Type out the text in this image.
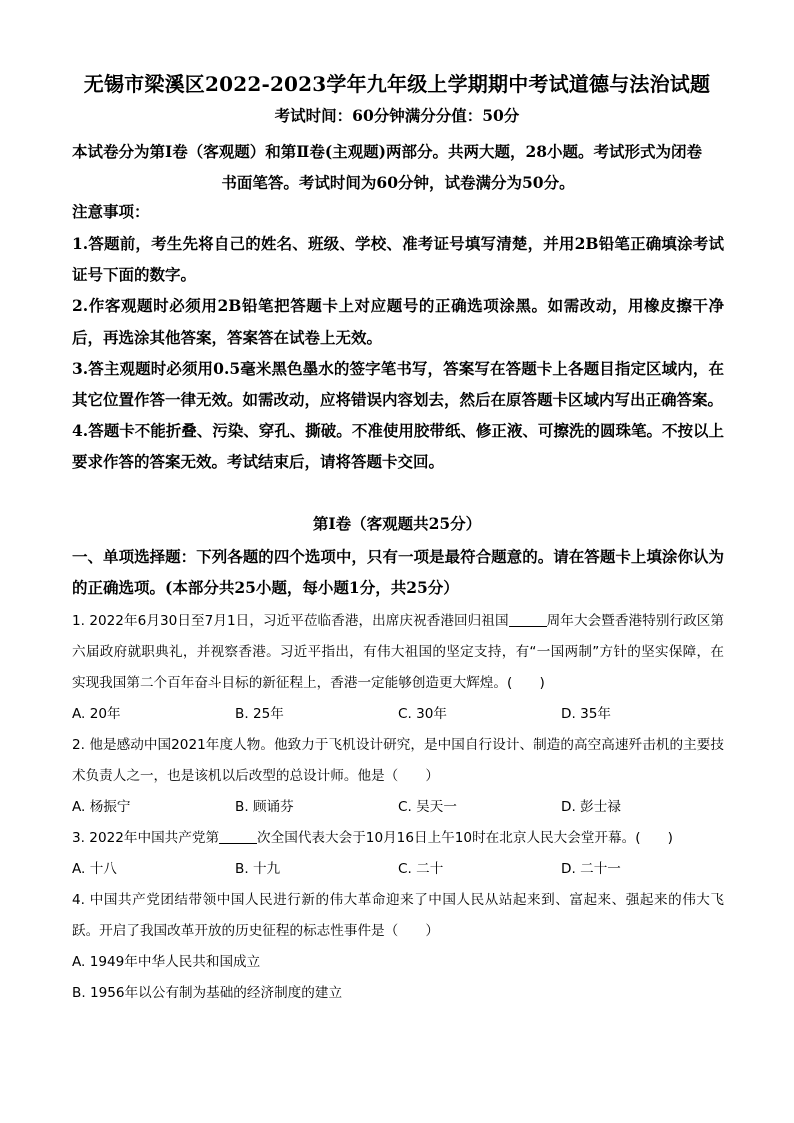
无锡市梁溪区2022-2023学年九年级上学期期中考试道德与法治试题
考试时间：60分钟满分分值：50分
本试卷分为第Ⅰ卷（客观题）和第Ⅱ卷(主观题)两部分。共两大题，28小题。考试形式为闭卷
书面笔答。考试时间为60分钟，试卷满分为50分。
注意事项：

1.答题前，考生先将自己的姓名、班级、学校、准考证号填写清楚，并用2B铅笔正确填涂考试证号下面的数字。

2.作客观题时必须用2B铅笔把答题卡上对应题号的正确选项涂黑。如需改动，用橡皮擦干净后，再选涂其他答案，答案答在试卷上无效。

3.答主观题时必须用0.5毫米黑色墨水的签字笔书写，答案写在答题卡上各题目指定区域内，在其它位置作答一律无效。如需改动，应将错误内容划去，然后在原答题卡区域内写出正确答案。

4.答题卡不能折叠、污染、穿孔、撕破。不准使用胶带纸、修正液、可擦洗的圆珠笔。不按以上要求作答的答案无效。考试结束后，请将答题卡交回。

第Ⅰ卷（客观题共25分）
一、单项选择题：下列各题的四个选项中，只有一项是最符合题意的。请在答题卡上填涂你认为的正确选项。(本部分共25小题，每小题1分，共25分）

1. 2022年6月30日至7月1日，习近平莅临香港，出席庆祝香港回归祖国	周年大会暨香港特别行政区第六届政府就职典礼，并视察香港。习近平指出，有伟大祖国的坚定支持，有“一国两制”方针的坚实保障，在实现我国第二个百年奋斗目标的新征程上，香港一定能够创造更大辉煌。(　　)

A. 20年	B. 25年	C. 30年	D. 35年

2. 他是感动中国2021年度人物。他致力于飞机设计研究，是中国自行设计、制造的高空高速歼击机的主要技术负责人之一，也是该机以后改型的总设计师。他是（　　）

A. 杨振宁	B. 顾诵芬	C. 吴天一	D. 彭士禄

3. 2022年中国共产党第	次全国代表大会于10月16日上午10时在北京人民大会堂开幕。(　　)

A. 十八	B. 十九	C. 二十	D. 二十一

4. 中国共产党团结带领中国人民进行新的伟大革命迎来了中国人民从站起来到、富起来、强起来的伟大飞跃。开启了我国改革开放的历史征程的标志性事件是（　　）

A. 1949年中华人民共和国成立

B. 1956年以公有制为基础的经济制度的建立
